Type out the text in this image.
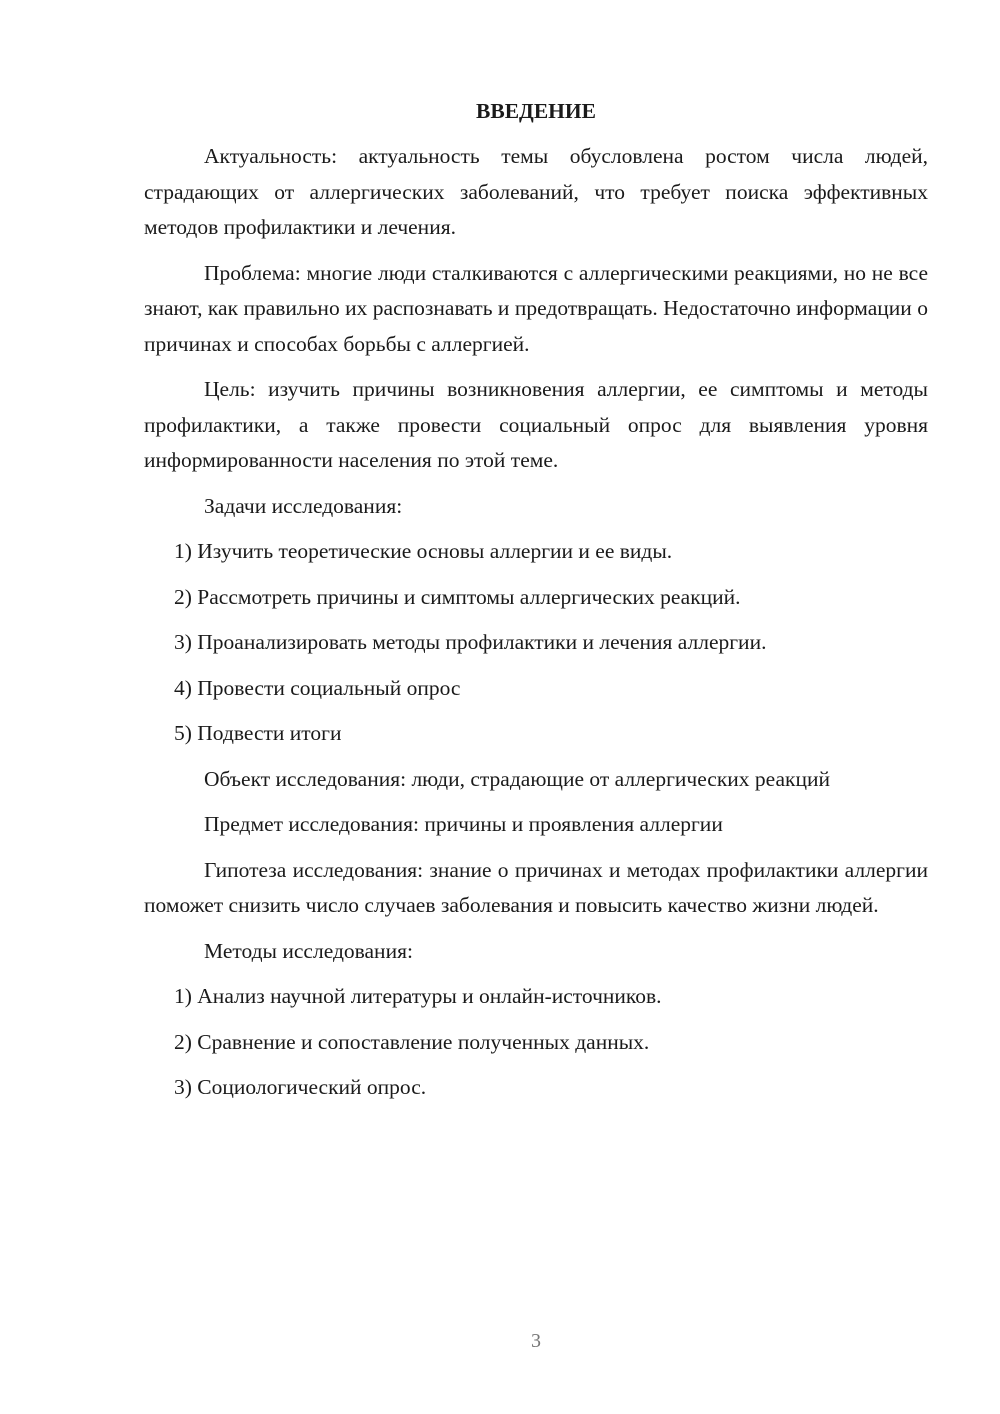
ВВЕДЕНИЕ
Актуальность: актуальность темы обусловлена ростом числа людей, страдающих от аллергических заболеваний, что требует поиска эффективных методов профилактики и лечения.
Проблема: многие люди сталкиваются с аллергическими реакциями, но не все знают, как правильно их распознавать и предотвращать. Недостаточно информации о причинах и способах борьбы с аллергией.
Цель: изучить причины возникновения аллергии, ее симптомы и методы профилактики, а также провести социальный опрос для выявления уровня информированности населения по этой теме.
Задачи исследования:
1) Изучить теоретические основы аллергии и ее виды.
2) Рассмотреть причины и симптомы аллергических реакций.
3) Проанализировать методы профилактики и лечения аллергии.
4) Провести социальный опрос
5) Подвести итоги
Объект исследования: люди, страдающие от аллергических реакций
Предмет исследования: причины и проявления аллергии
Гипотеза исследования: знание о причинах и методах профилактики аллергии поможет снизить число случаев заболевания и повысить качество жизни людей.
Методы исследования:
1) Анализ научной литературы и онлайн-источников.
2) Сравнение и сопоставление полученных данных.
3) Социологический опрос.
3
